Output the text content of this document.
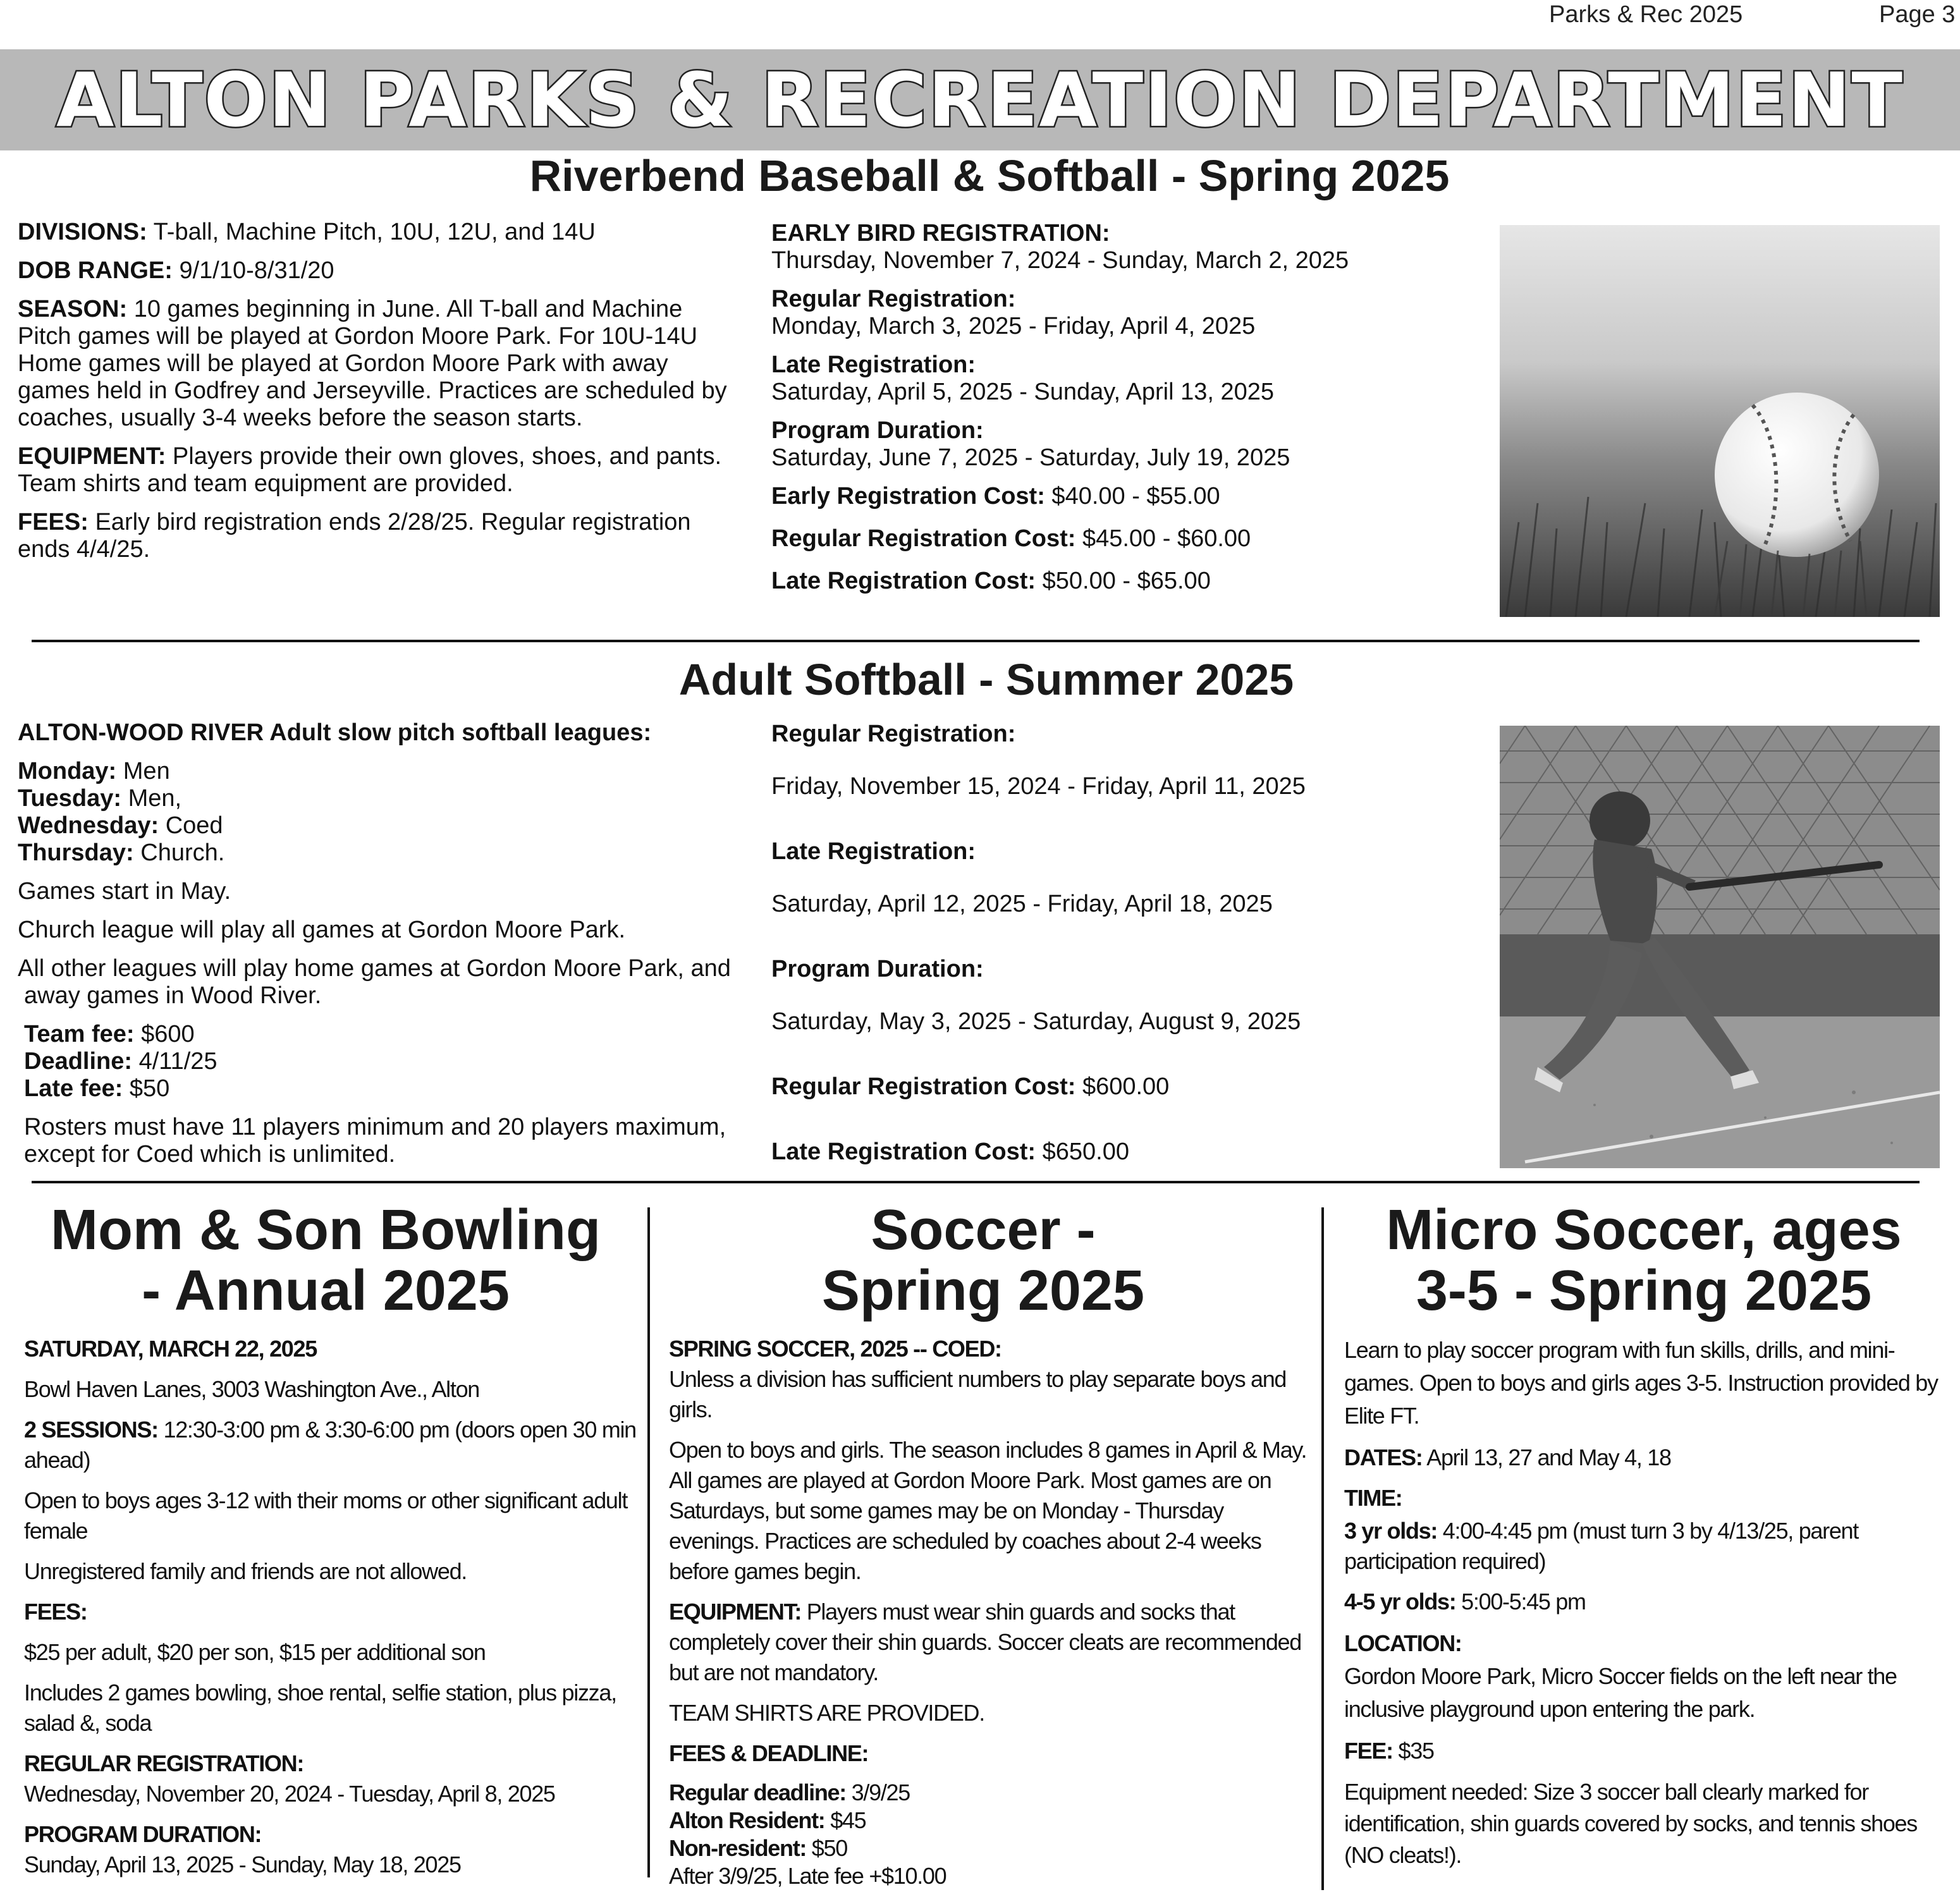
Parks & Rec 2025	Page 3
ALTON PARKS & RECREATION DEPARTMENT
Riverbend Baseball & Softball - Spring 2025

DIVISIONS: T-ball, Machine Pitch, 10U, 12U, and 14U

DOB RANGE: 9/1/10-8/31/20

SEASON: 10 games beginning in June. All T-ball and Machine Pitch games will be played at Gordon Moore Park. For 10U-14U Home games will be played at Gordon Moore Park with away games held in Godfrey and Jerseyville. Practices are scheduled by coaches, usually 3-4 weeks before the season starts.

EQUIPMENT: Players provide their own gloves, shoes, and pants. Team shirts and team equipment are provided.

FEES: Early bird registration ends 2/28/25. Regular registration ends 4/4/25.

EARLY BIRD REGISTRATION:
Thursday, November 7, 2024 - Sunday, March 2, 2025

Regular Registration:
Monday, March 3, 2025 - Friday, April 4, 2025

Late Registration:
Saturday, April 5, 2025 - Sunday, April 13, 2025

Program Duration:
Saturday, June 7, 2025 - Saturday, July 19, 2025

Early Registration Cost: $40.00 - $55.00

Regular Registration Cost: $45.00 - $60.00

Late Registration Cost: $50.00 - $65.00

Adult Softball - Summer 2025

ALTON-WOOD RIVER Adult slow pitch softball leagues:

Monday: Men
Tuesday: Men,
Wednesday: Coed
Thursday: Church.

Games start in May.

Church league will play all games at Gordon Moore Park.

All other leagues will play home games at Gordon Moore Park, and away games in Wood River.

Team fee: $600
Deadline: 4/11/25
Late fee: $50

Rosters must have 11 players minimum and 20 players maximum, except for Coed which is unlimited.

Regular Registration:

Friday, November 15, 2024 - Friday, April 11, 2025

Late Registration:

Saturday, April 12, 2025 - Friday, April 18, 2025

Program Duration:

Saturday, May 3, 2025 - Saturday, August 9, 2025

Regular Registration Cost: $600.00

Late Registration Cost: $650.00

Mom & Son Bowling
- Annual 2025

SATURDAY, MARCH 22, 2025

Bowl Haven Lanes, 3003 Washington Ave., Alton

2 SESSIONS: 12:30-3:00 pm & 3:30-6:00 pm (doors open 30 min ahead)

Open to boys ages 3-12 with their moms or other significant adult female

Unregistered family and friends are not allowed.

FEES:

$25 per adult, $20 per son, $15 per additional son

Includes 2 games bowling, shoe rental, selfie station, plus pizza, salad &, soda

REGULAR REGISTRATION:
Wednesday, November 20, 2024 - Tuesday, April 8, 2025

PROGRAM DURATION:
Sunday, April 13, 2025 - Sunday, May 18, 2025

Soccer -
Spring 2025

SPRING SOCCER, 2025 -- COED:
Unless a division has sufficient numbers to play separate boys and girls.

Open to boys and girls. The season includes 8 games in April & May. All games are played at Gordon Moore Park. Most games are on Saturdays, but some games may be on Monday - Thursday evenings. Practices are scheduled by coaches about 2-4 weeks before games begin.

EQUIPMENT: Players must wear shin guards and socks that completely cover their shin guards. Soccer cleats are recommended but are not mandatory.

TEAM SHIRTS ARE PROVIDED.

FEES & DEADLINE:

Regular deadline: 3/9/25
Alton Resident: $45
Non-resident: $50
After 3/9/25, Late fee +$10.00

Micro Soccer, ages
3-5 - Spring 2025

Learn to play soccer program with fun skills, drills, and mini-games. Open to boys and girls ages 3-5. Instruction provided by Elite FT.

DATES: April 13, 27 and May 4, 18

TIME:

3 yr olds: 4:00-4:45 pm (must turn 3 by 4/13/25, parent participation required)

4-5 yr olds: 5:00-5:45 pm

LOCATION:
Gordon Moore Park, Micro Soccer fields on the left near the inclusive playground upon entering the park.

FEE: $35

Equipment needed: Size 3 soccer ball clearly marked for identification, shin guards covered by socks, and tennis shoes (NO cleats!).
